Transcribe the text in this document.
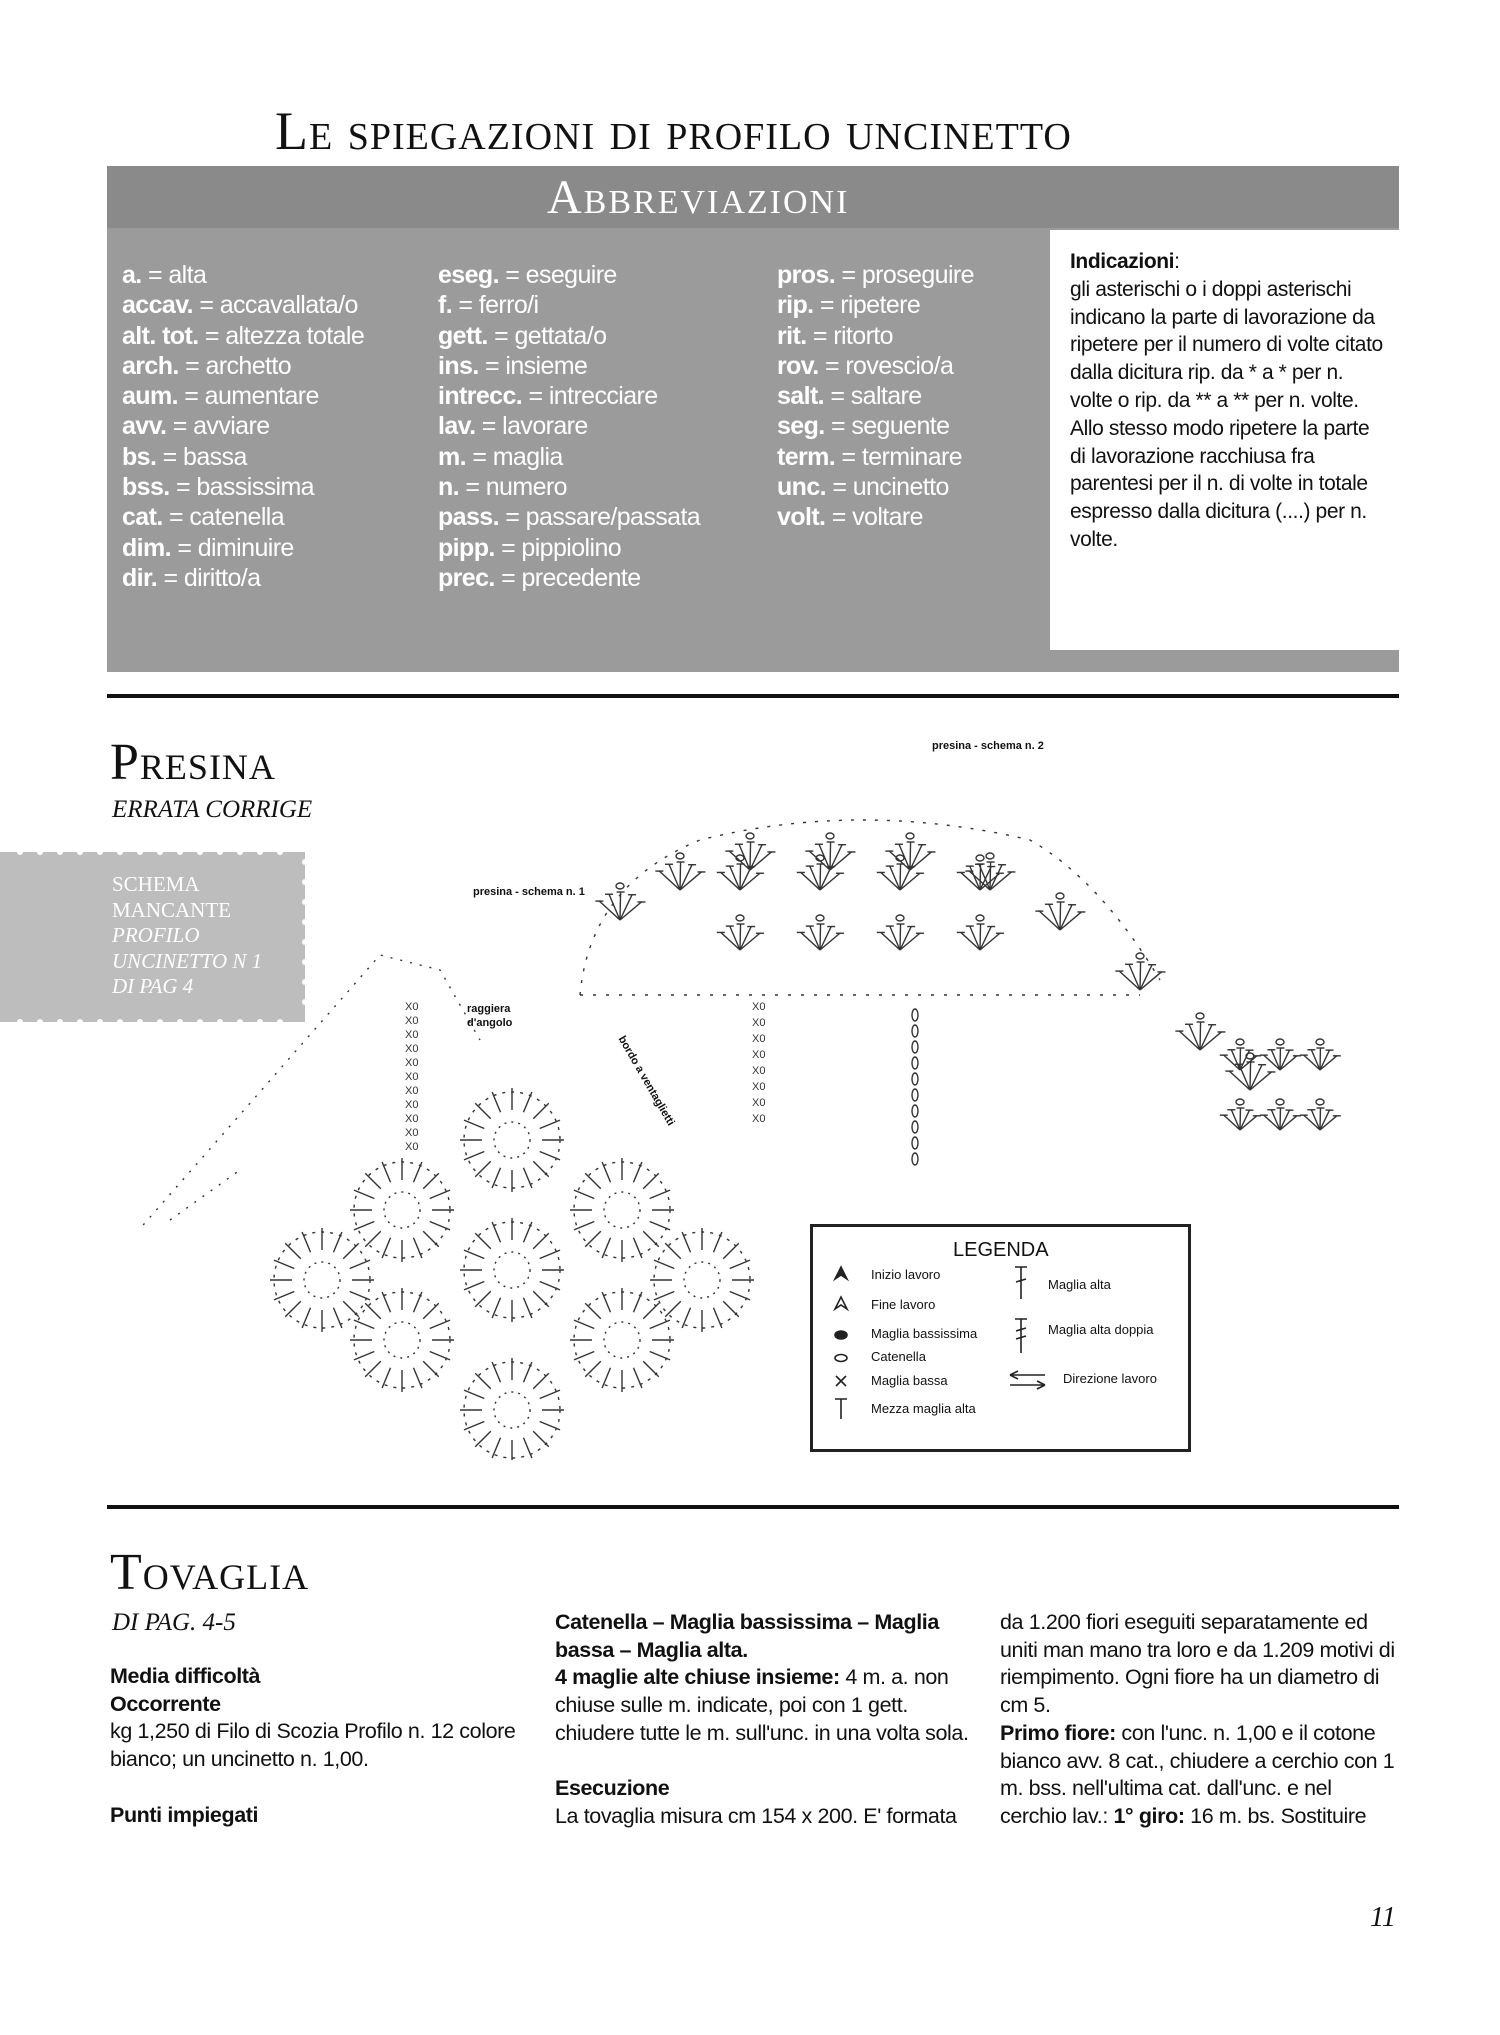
Le spiegazioni di profilo uncinetto
Abbreviazioni
a. = alta
accav. = accavallata/o
alt. tot. = altezza totale
arch. = archetto
aum. = aumentare
avv. = avviare
bs. = bassa
bss. = bassissima
cat. = catenella
dim. = diminuire
dir. = diritto/a
eseg. = eseguire
f. = ferro/i
gett. = gettata/o
ins. = insieme
intrecc. = intrecciare
lav. = lavorare
m. = maglia
n. = numero
pass. = passare/passata
pipp. = pippiolino
prec. = precedente
pros. = proseguire
rip. = ripetere
rit. = ritorto
rov. = rovescio/a
salt. = saltare
seg. = seguente
term. = terminare
unc. = uncinetto
volt. = voltare
Indicazioni:
gli asterischi o i doppi asterischi indicano la parte di lavorazione da ripetere per il numero di volte citato dalla dicitura rip. da * a * per n. volte o rip. da ** a ** per n. volte. Allo stesso modo ripetere la parte di lavorazione racchiusa fra parentesi per il n. di volte in totale espresso dalla dicitura (....) per n. volte.
Presina
ERRATA CORRIGE
SCHEMA
MANCANTE
PROFILO
UNCINETTO N 1
DI PAG 4
presina - schema n. 2
presina - schema n. 1
raggiera d'angolo
bordo a ventaglietti
X0
X0
X0
X0
X0
X0
X0
X0
X0
X0
X0
X0
X0
X0
X0
X0
X0
X0
X0
LEGENDA
Inizio lavoro
Fine lavoro
Maglia bassissima
Catenella
Maglia bassa
Mezza maglia alta
Maglia alta
Maglia alta doppia
Direzione lavoro
Tovaglia
DI PAG. 4-5
Media difficoltà
Occorrente
kg 1,250 di Filo di Scozia Profilo n. 12 colore bianco; un uncinetto n. 1,00.

Punti impiegati
Catenella – Maglia bassissima – Maglia bassa – Maglia alta.
4 maglie alte chiuse insieme: 4 m. a. non chiuse sulle m. indicate, poi con 1 gett. chiudere tutte le m. sull'unc. in una volta sola.

Esecuzione
La tovaglia misura cm 154 x 200. E' formata
da 1.200 fiori eseguiti separatamente ed uniti man mano tra loro e da 1.209 motivi di riempimento. Ogni fiore ha un diametro di cm 5.
Primo fiore: con l'unc. n. 1,00 e il cotone bianco avv. 8 cat., chiudere a cerchio con 1 m. bss. nell'ultima cat. dall'unc. e nel cerchio lav.: 1° giro: 16 m. bs. Sostituire
11
